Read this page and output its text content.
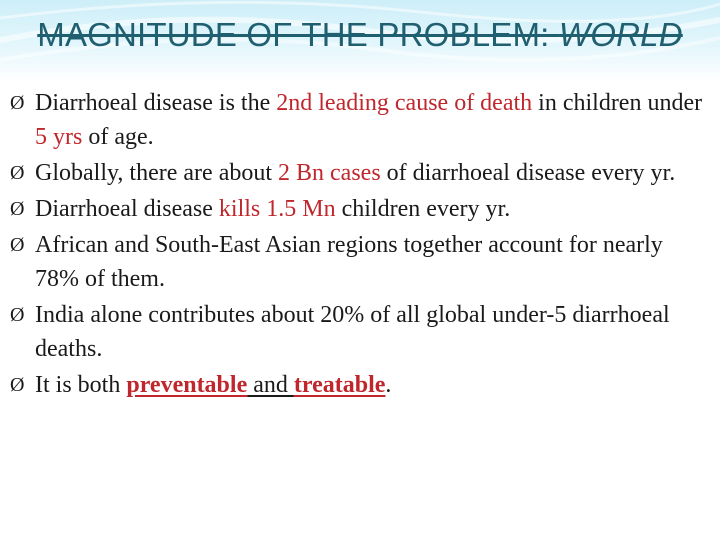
MAGNITUDE OF THE PROBLEM: WORLD
Ø Diarrhoeal disease is the 2nd leading cause of death in children under 5 yrs of age.
Ø Globally, there are about 2 Bn cases of diarrhoeal disease every yr.
Ø Diarrhoeal disease kills 1.5 Mn children every yr.
Ø African and South-East Asian regions together account for nearly 78% of them.
Ø India alone contributes about 20% of all global under-5 diarrhoeal deaths.
Ø It is both preventable and treatable.
